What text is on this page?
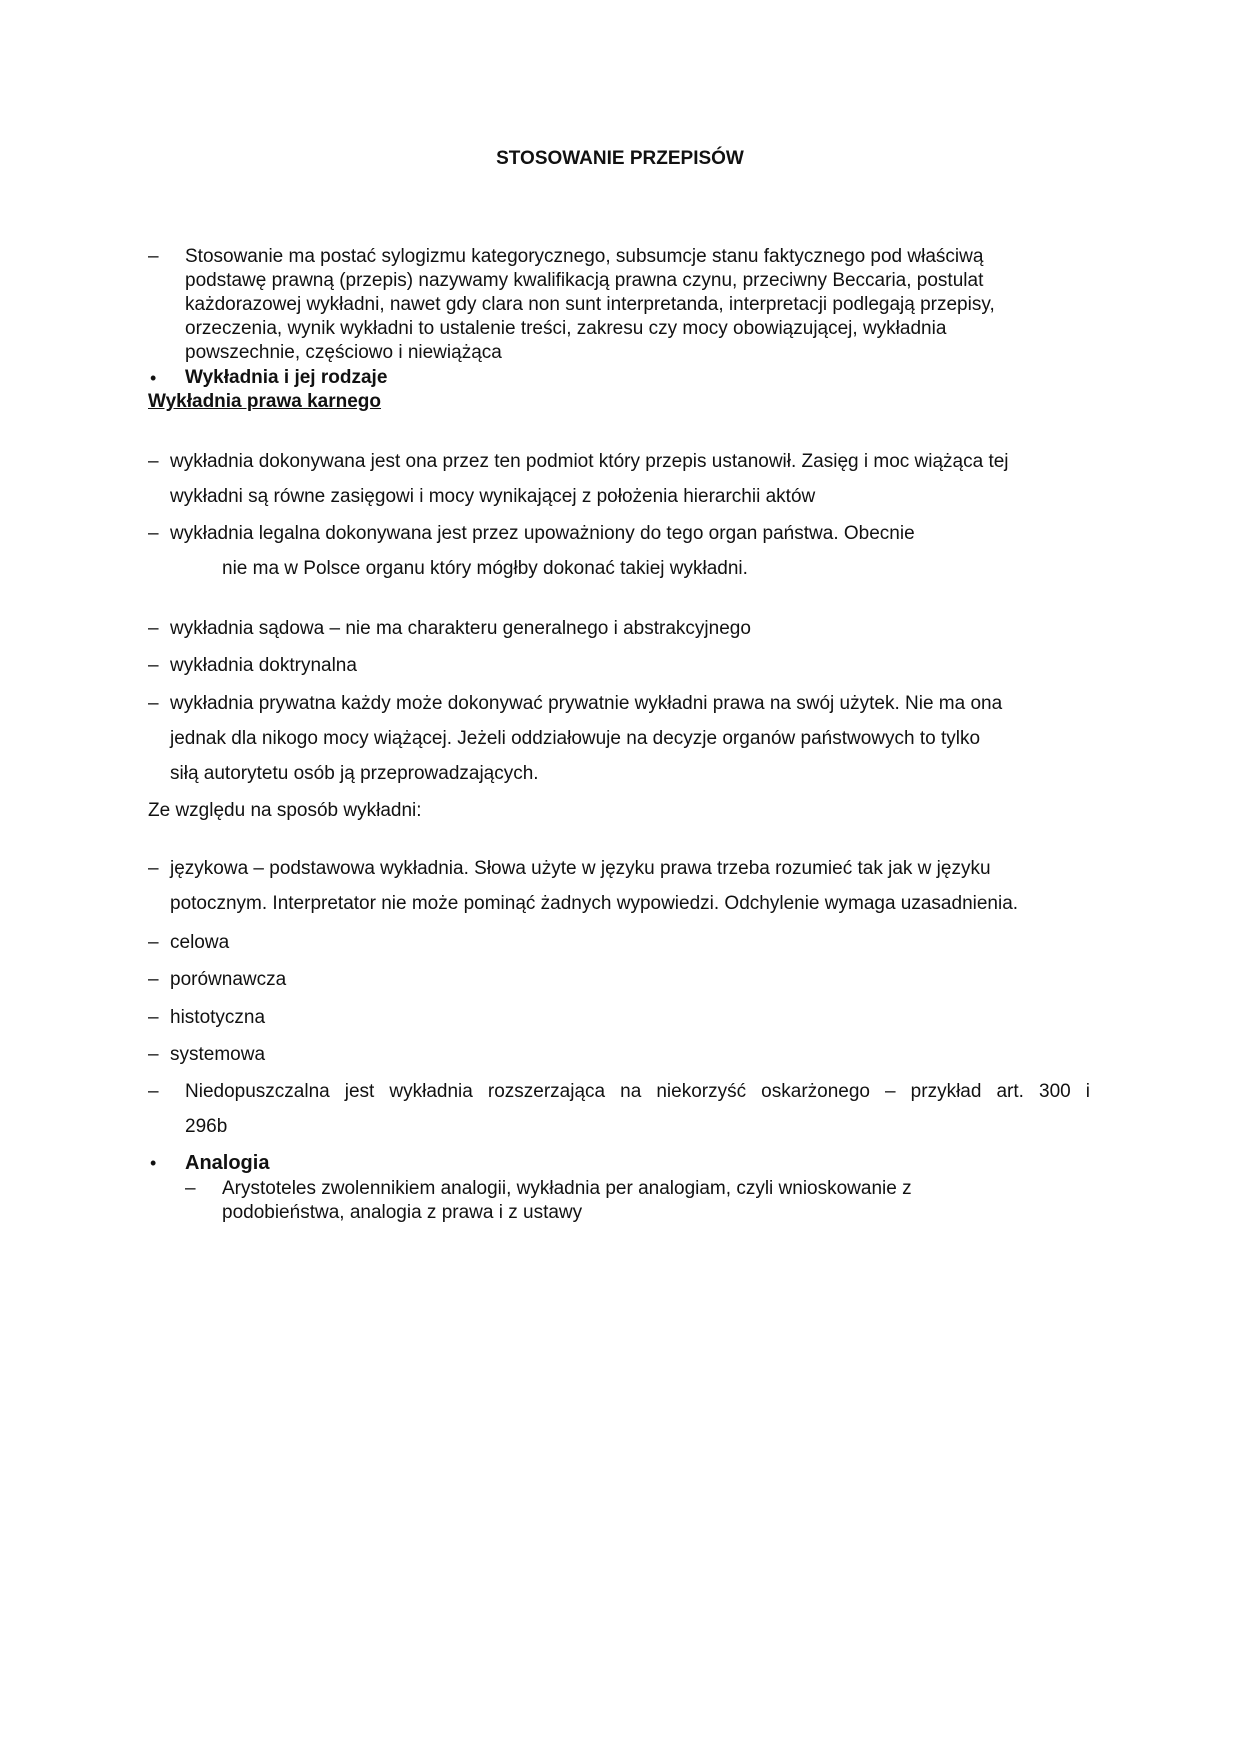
STOSOWANIE PRZEPISÓW
– Stosowanie ma postać sylogizmu kategorycznego, subsumcje stanu faktycznego pod właściwą
podstawę prawną (przepis) nazywamy kwalifikacją prawna czynu, przeciwny Beccaria, postulat
każdorazowej wykładni, nawet gdy clara non sunt interpretanda, interpretacji podlegają przepisy,
orzeczenia, wynik wykładni to ustalenie treści, zakresu czy mocy obowiązującej, wykładnia
powszechnie, częściowo i niewiążąca
• Wykładnia i jej rodzaje
Wykładnia prawa karnego
– wykładnia dokonywana jest ona przez ten podmiot który przepis ustanowił. Zasięg i moc wiążąca tej
wykładni są równe zasięgowi i mocy wynikającej z położenia hierarchii aktów
– wykładnia legalna dokonywana jest przez upoważniony do tego organ państwa. Obecnie
nie ma w Polsce organu który mógłby dokonać takiej wykładni.
– wykładnia sądowa – nie ma charakteru generalnego i abstrakcyjnego
– wykładnia doktrynalna
– wykładnia prywatna każdy może dokonywać prywatnie wykładni prawa na swój użytek. Nie ma ona
jednak dla nikogo mocy wiążącej. Jeżeli oddziałowuje na decyzje organów państwowych to tylko
siłą autorytetu osób ją przeprowadzających.
Ze względu na sposób wykładni:
– językowa – podstawowa wykładnia. Słowa użyte w języku prawa trzeba rozumieć tak jak w języku
potocznym. Interpretator nie może pominąć żadnych wypowiedzi. Odchylenie wymaga uzasadnienia.
– celowa
– porównawcza
– histotyczna
– systemowa
– Niedopuszczalna jest wykładnia rozszerzająca na niekorzyść oskarżonego – przykład art. 300 i
296b
• Analogia
– Arystoteles zwolennikiem analogii, wykładnia per analogiam, czyli wnioskowanie z
podobieństwa, analogia z prawa i z ustawy
